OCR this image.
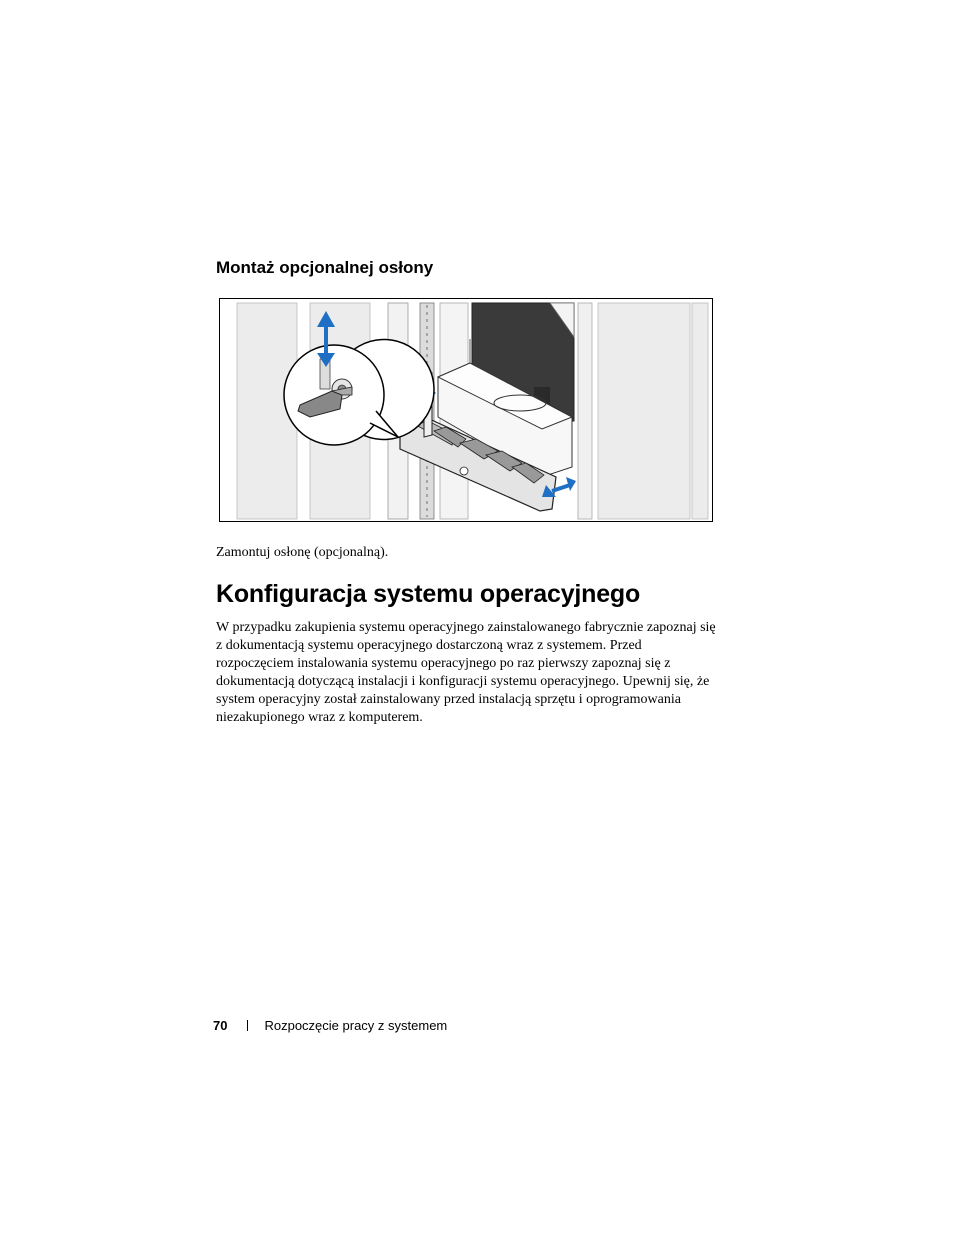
Montaż opcjonalnej osłony

Zamontuj osłonę (opcjonalną).

Konfiguracja systemu operacyjnego

W przypadku zakupienia systemu operacyjnego zainstalowanego fabrycznie zapoznaj się z dokumentacją systemu operacyjnego dostarczoną wraz z systemem. Przed rozpoczęciem instalowania systemu operacyjnego po raz pierwszy zapoznaj się z dokumentacją dotyczącą instalacji i konfiguracji systemu operacyjnego. Upewnij się, że system operacyjny został zainstalowany przed instalacją sprzętu i oprogramowania niezakupionego wraz z komputerem.

70	Rozpoczęcie pracy z systemem
